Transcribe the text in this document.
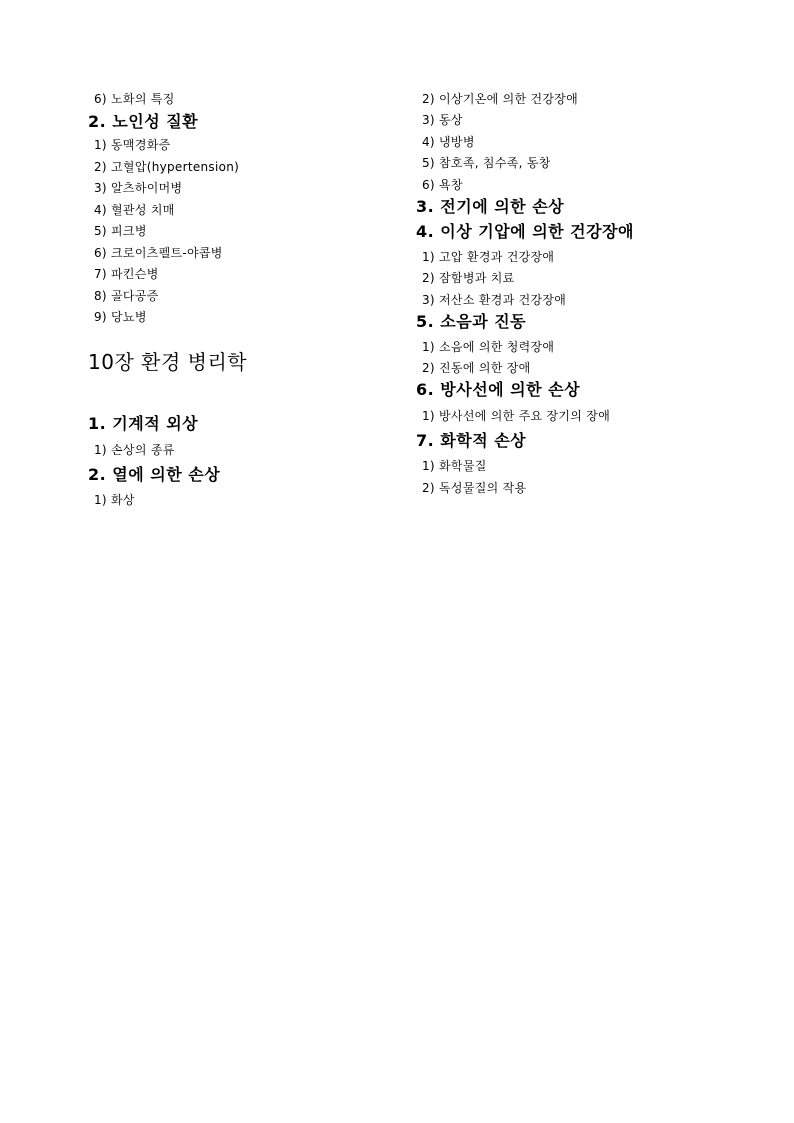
6) 노화의 특징
2. 노인성 질환
1) 동맥경화증
2) 고혈압(hypertension)
3) 알츠하이머병
4) 혈관성 치매
5) 피크병
6) 크로이츠펠트-야콥병
7) 파킨슨병
8) 골다공증
9) 당뇨병
10장 환경 병리학
1. 기계적 외상
1) 손상의 종류
2. 열에 의한 손상
1) 화상
2) 이상기온에 의한 건강장애
3) 동상
4) 냉방병
5) 참호족, 침수족, 동창
6) 욕창
3. 전기에 의한 손상
4. 이상 기압에 의한 건강장애
1) 고압 환경과 건강장애
2) 잠함병과 치료
3) 저산소 환경과 건강장애
5. 소음과 진동
1) 소음에 의한 청력장애
2) 진동에 의한 장애
6. 방사선에 의한 손상
1) 방사선에 의한 주요 장기의 장애
7. 화학적 손상
1) 화학물질
2) 독성물질의 작용
